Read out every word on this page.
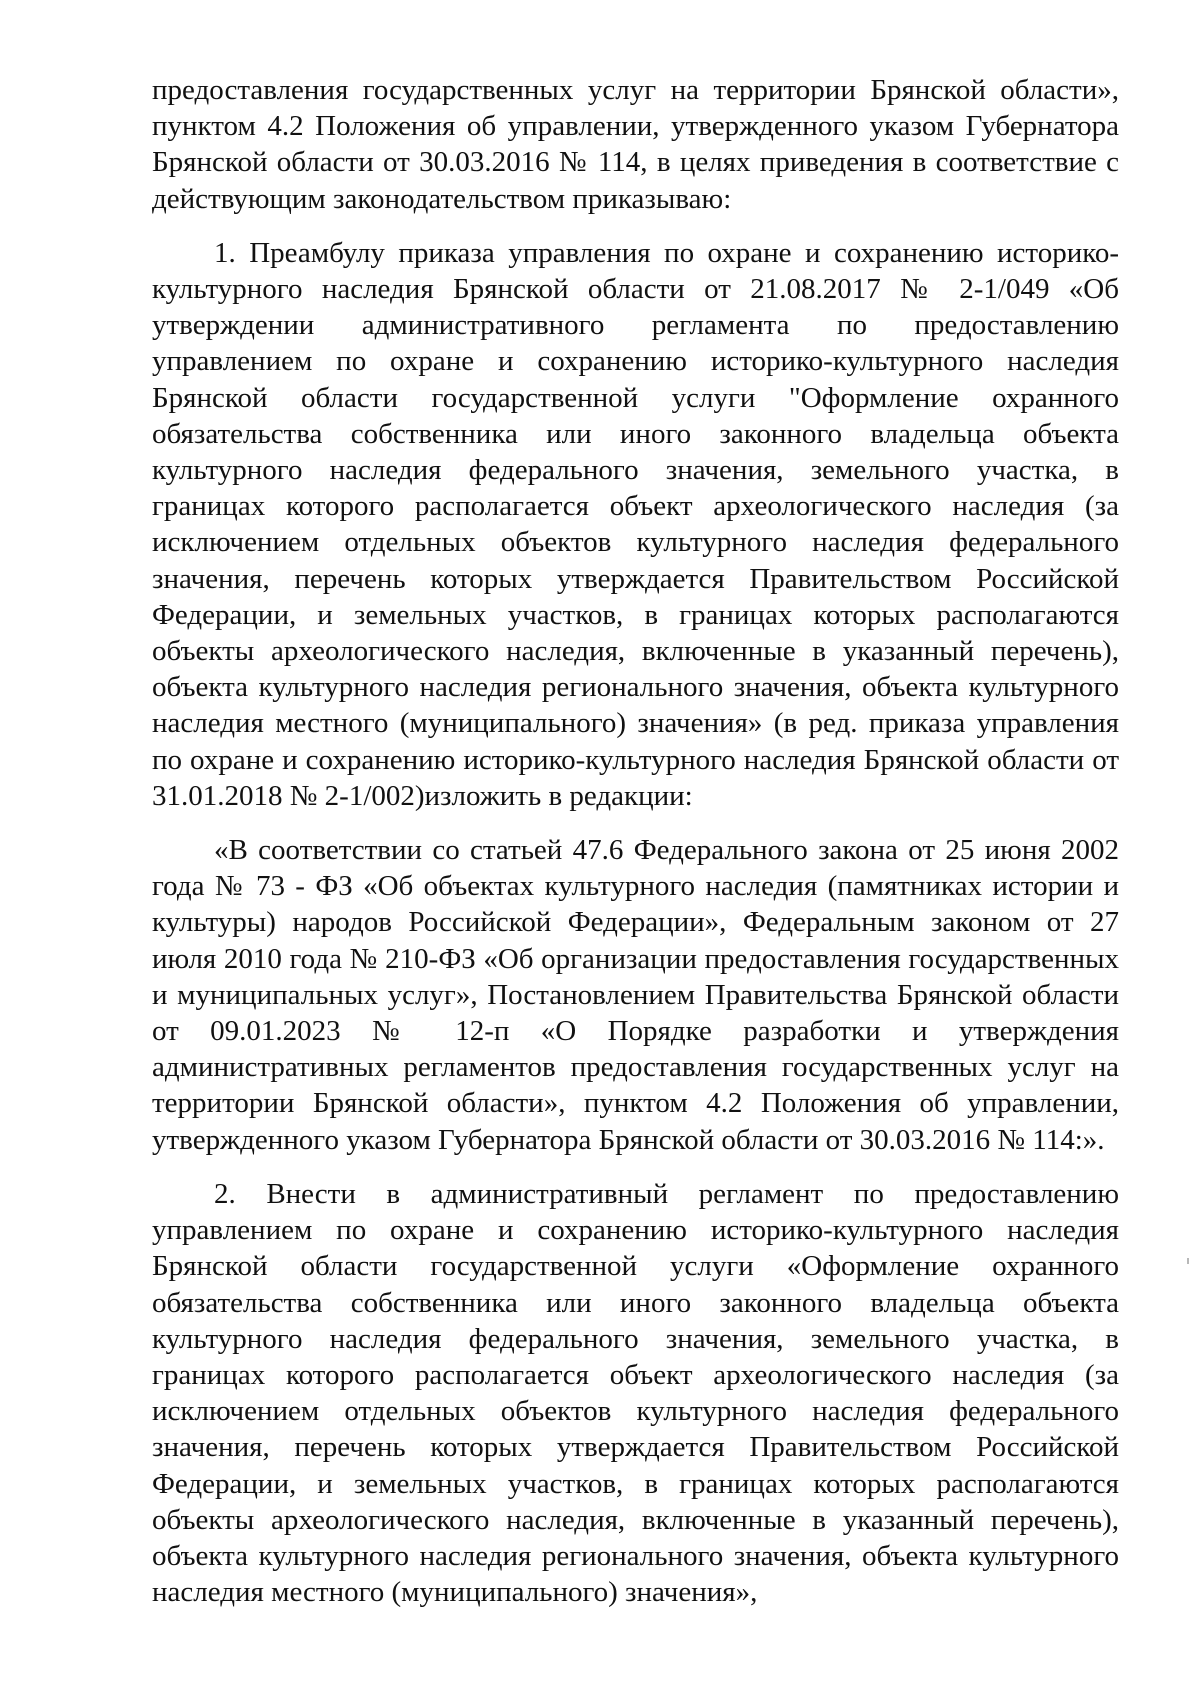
предоставления государственных услуг на территории Брянской области», пунктом 4.2 Положения об управлении, утвержденного указом Губернатора Брянской области от 30.03.2016 № 114, в целях приведения в соответствие с действующим законодательством приказываю:

1. Преамбулу приказа управления по охране и сохранению историко-культурного наследия Брянской области от 21.08.2017 № 2-1/049 «Об утверждении административного регламента по предоставлению управлением по охране и сохранению историко-культурного наследия Брянской области государственной услуги "Оформление охранного обязательства собственника или иного законного владельца объекта культурного наследия федерального значения, земельного участка, в границах которого располагается объект археологического наследия (за исключением отдельных объектов культурного наследия федерального значения, перечень которых утверждается Правительством Российской Федерации, и земельных участков, в границах которых располагаются объекты археологического наследия, включенные в указанный перечень), объекта культурного наследия регионального значения, объекта культурного наследия местного (муниципального) значения» (в ред. приказа управления по охране и сохранению историко-культурного наследия Брянской области от 31.01.2018 № 2-1/002)изложить в редакции:

«В соответствии со статьей 47.6 Федерального закона от 25 июня 2002 года № 73 - ФЗ «Об объектах культурного наследия (памятниках истории и культуры) народов Российской Федерации», Федеральным законом от 27 июля 2010 года № 210-ФЗ «Об организации предоставления государственных и муниципальных услуг», Постановлением Правительства Брянской области от 09.01.2023 № 12-п «О Порядке разработки и утверждения административных регламентов предоставления государственных услуг на территории Брянской области», пунктом 4.2 Положения об управлении, утвержденного указом Губернатора Брянской области от 30.03.2016 № 114:».

2. Внести в административный регламент по предоставлению управлением по охране и сохранению историко-культурного наследия Брянской области государственной услуги «Оформление охранного обязательства собственника или иного законного владельца объекта культурного наследия федерального значения, земельного участка, в границах которого располагается объект археологического наследия (за исключением отдельных объектов культурного наследия федерального значения, перечень которых утверждается Правительством Российской Федерации, и земельных участков, в границах которых располагаются объекты археологического наследия, включенные в указанный перечень), объекта культурного наследия регионального значения, объекта культурного наследия местного (муниципального) значения»,
